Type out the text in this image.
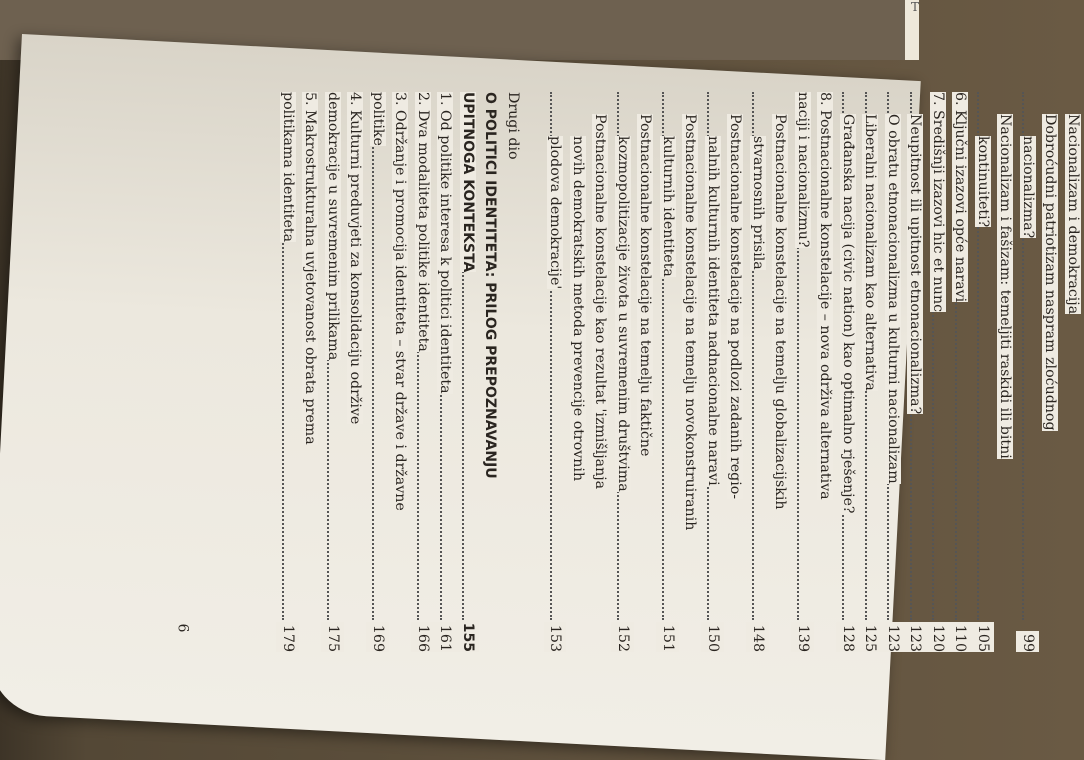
Т
Nacionalizam i demokracija
Dobroćudni patriotizam naspram zloćudnog
nacionalizma?
99
Nacionalizam i fašizam: temeljiti raskidi ili bitni
kontinuiteti?
105
6.Ključni izazovi opće naravi
110
7.Središnji izazovi hic et nunc
120
Neupitnost ili upitnost etnonacionalizma?
123
O obratu etnonacionalizma u kulturni nacionalizam
123
Liberalni nacionalizam kao alternativa
125
Građanska nacija (civic nation) kao optimalno rješenje?
128
8.Postnacionalne konstelacije – nova održiva alternativa
naciji i nacionalizmu?
139
Postnacionalne konstelacije na temelju globalizacijskih
stvarnosnih prisila
148
Postnacionalne konstelacije na podlozi zadanih regio-
nalnih kulturnih identiteta nadnacionalne naravi
150
Postnacionalne konstelacije na temelju novokonstruiranih
kulturnih identiteta
151
Postnacionalne konstelacije na temelju faktične
kozmopolitizacije života u suvremenim društvima
152
Postnacionalne konstelacije kao rezultat 'izmišljanja
novih demokratskih metoda prevencije otrovnih
plodova demokracije'
153
Drugi dio
O POLITICI IDENTITETA: PRILOG PREPOZNAVANJU
UPITNOGA KONTEKSTA
155
1.Od politike interesa k politici identiteta
161
2.Dva modaliteta politike identiteta
166
3.Održanje i promocija identiteta – stvar države i državne
politike
169
4.Kulturni preduvjeti za konsolidaciju održive
demokracije u suvremenim prilikama
175
5.Makrostrukturalna uvjetovanost obrata prema
politikama identiteta
179
6
